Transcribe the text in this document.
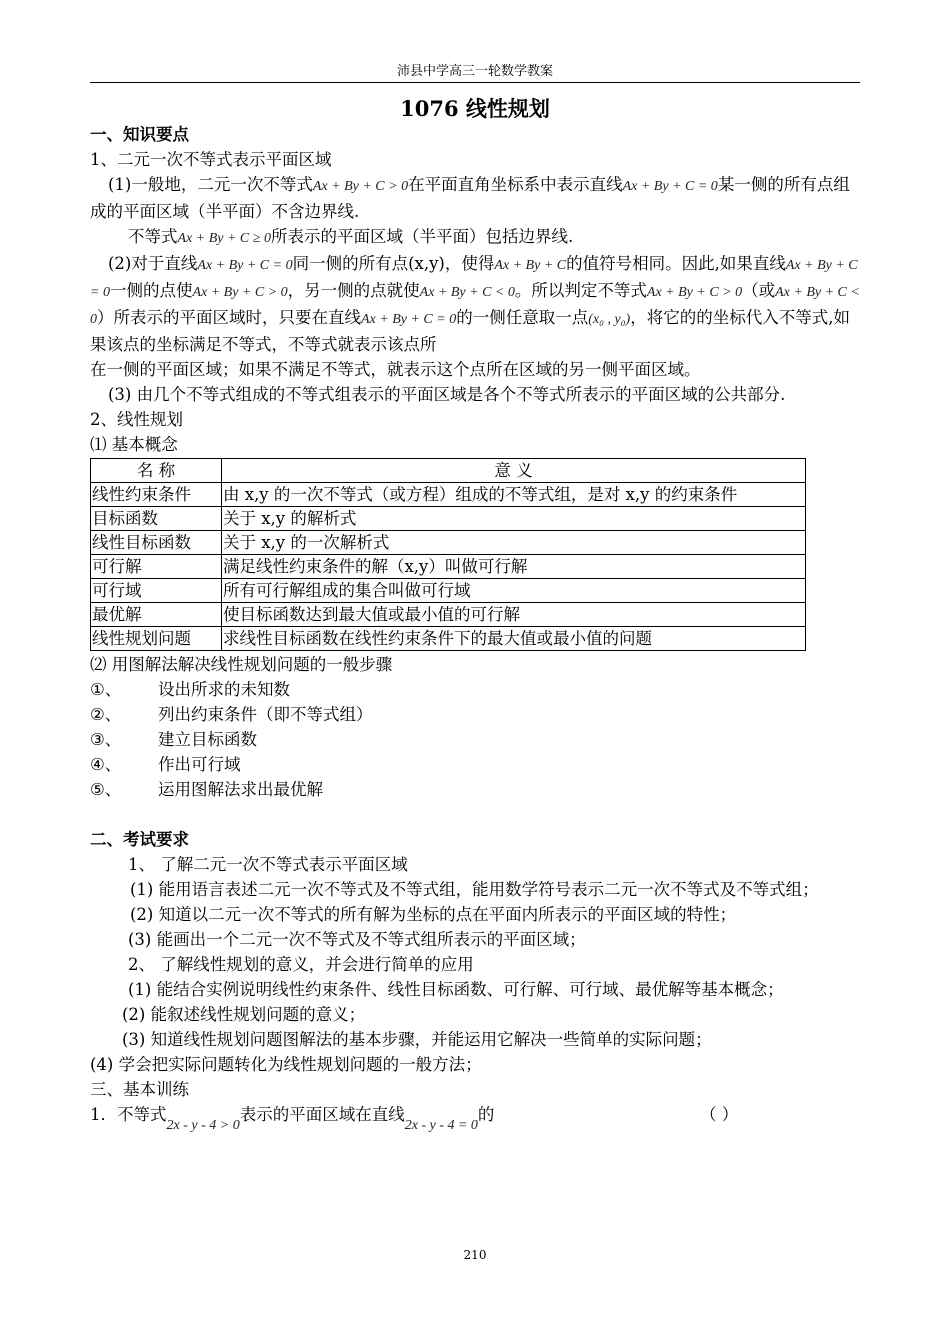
沛县中学高三一轮数学教案
1076 线性规划

一、知识要点

1、二元一次不等式表示平面区域

(1)一般地，二元一次不等式Ax + By + C > 0在平面直角坐标系中表示直线Ax + By + C = 0某一侧的所有点组成的平面区域（半平面）不含边界线.

不等式Ax + By + C ≥ 0所表示的平面区域（半平面）包括边界线.

(2)对于直线Ax + By + C = 0同一侧的所有点(x,y)，使得Ax + By + C的值符号相同。因此,如果直线Ax + By + C = 0一侧的点使Ax + By + C > 0，另一侧的点就使Ax + By + C < 0。所以判定不等式Ax + By + C > 0（或Ax + By + C < 0）所表示的平面区域时，只要在直线Ax + By + C = 0的一侧任意取一点(x₀ , y₀)，将它的的坐标代入不等式,如果该点的坐标满足不等式，不等式就表示该点所

在一侧的平面区域；如果不满足不等式，就表示这个点所在区域的另一侧平面区域。

(3) 由几个不等式组成的不等式组表示的平面区域是各个不等式所表示的平面区域的公共部分.

2、线性规划

⑴ 基本概念

名 称	意 义
线性约束条件	由 x,y 的一次不等式（或方程）组成的不等式组，是对 x,y 的约束条件
目标函数	关于 x,y 的解析式
线性目标函数	关于 x,y 的一次解析式
可行解	满足线性约束条件的解（x,y）叫做可行解
可行域	所有可行解组成的集合叫做可行域
最优解	使目标函数达到最大值或最小值的可行解
线性规划问题	求线性目标函数在线性约束条件下的最大值或最小值的问题

⑵ 用图解法解决线性规划问题的一般步骤

①、	设出所求的未知数
②、	列出约束条件（即不等式组）
③、	建立目标函数
④、	作出可行域
⑤、	运用图解法求出最优解

二、考试要求

1、 了解二元一次不等式表示平面区域

(1) 能用语言表述二元一次不等式及不等式组，能用数学符号表示二元一次不等式及不等式组；

(2) 知道以二元一次不等式的所有解为坐标的点在平面内所表示的平面区域的特性；

(3) 能画出一个二元一次不等式及不等式组所表示的平面区域；

2、 了解线性规划的意义，并会进行简单的应用

(1) 能结合实例说明线性约束条件、线性目标函数、可行解、可行域、最优解等基本概念；

(2) 能叙述线性规划问题的意义；

(3) 知道线性规划问题图解法的基本步骤，并能运用它解决一些简单的实际问题；

(4) 学会把实际问题转化为线性规划问题的一般方法；

三、基本训练

1．不等式$_{2x - y - 4 > 0}$表示的平面区域在直线$_{2x - y - 4 = 0}$的	（ ）

210
